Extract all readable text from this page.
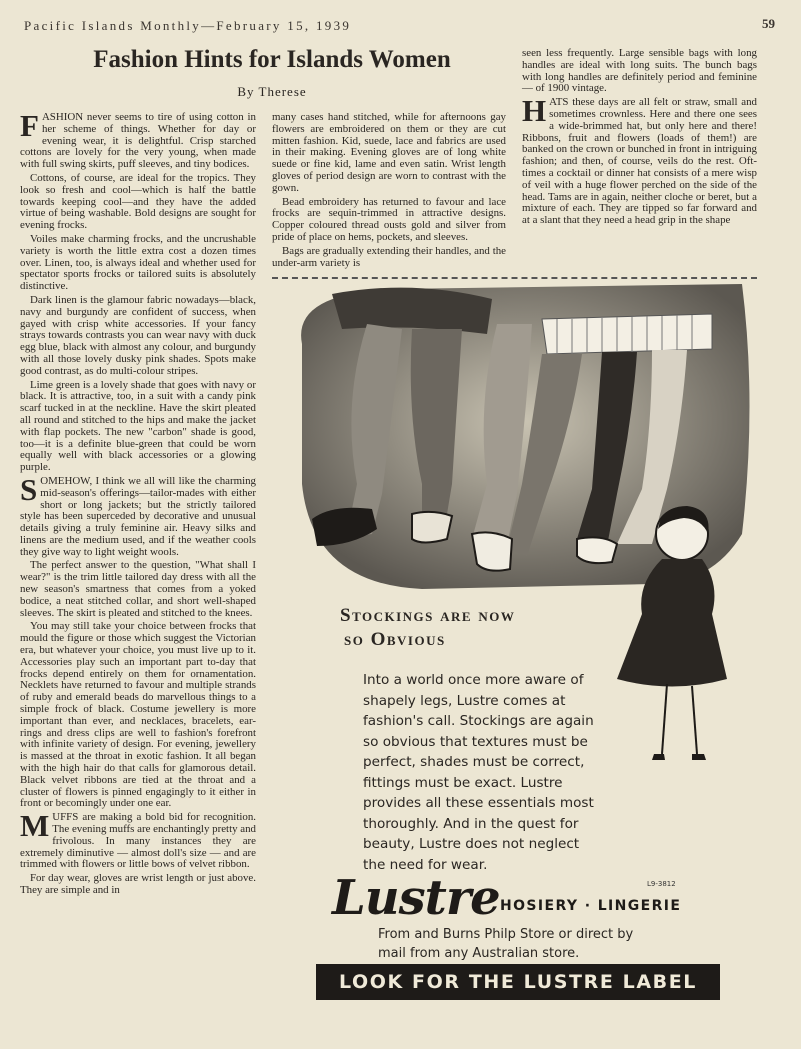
Pacific Islands Monthly—February 15, 1939	59
Fashion Hints for Islands Women
By Therese

FASHION never seems to tire of using cotton in her scheme of things. Whether for day or evening wear, it is delightful. Crisp starched cottons are lovely for the very young, when made with full swing skirts, puff sleeves, and tiny bodices.

Cottons, of course, are ideal for the tropics. They look so fresh and cool—which is half the battle towards keeping cool—and they have the added virtue of being washable. Bold designs are sought for evening frocks.

Voiles make charming frocks, and the uncrushable variety is worth the little extra cost a dozen times over. Linen, too, is always ideal and whether used for spectator sports frocks or tailored suits is absolutely distinctive.

Dark linen is the glamour fabric nowadays—black, navy and burgundy are confident of success, when gayed with crisp white accessories. If your fancy strays towards contrasts you can wear navy with duck egg blue, black with almost any colour, and burgundy with all those lovely dusky pink shades. Spots make good contrast, as do multi-colour stripes.

Lime green is a lovely shade that goes with navy or black. It is attractive, too, in a suit with a candy pink scarf tucked in at the neckline. Have the skirt pleated all round and stitched to the hips and make the jacket with flap pockets. The new "carbon" shade is good, too—it is a definite blue-green that could be worn equally well with black accessories or a glowing purple.

SOMEHOW, I think we all will like the charming mid-season's offerings—tailor-mades with either short or long jackets; but the strictly tailored style has been superceded by decorative and unusual details giving a truly feminine air. Heavy silks and linens are the medium used, and if the weather cools they give way to light weight wools.

The perfect answer to the question, "What shall I wear?" is the trim little tailored day dress with all the new season's smartness that comes from a yoked bodice, a neat stitched collar, and short well-shaped sleeves. The skirt is pleated and stitched to the knees.

You may still take your choice between frocks that mould the figure or those which suggest the Victorian era, but whatever your choice, you must live up to it. Accessories play such an important part to-day that frocks depend entirely on them for ornamentation. Necklets have returned to favour and multiple strands of ruby and emerald beads do marvellous things to a simple frock of black. Costume jewellery is more important than ever, and necklaces, bracelets, ear-rings and dress clips are well to fashion's forefront with infinite variety of design. For evening, jewellery is massed at the throat in exotic fashion. It all began with the high hair do that calls for glamorous detail. Black velvet ribbons are tied at the throat and a cluster of flowers is pinned engagingly to it either in front or becomingly under one ear.

MUFFS are making a bold bid for recognition. The evening muffs are enchantingly pretty and frivolous. In many instances they are extremely diminutive — almost doll's size — and are trimmed with flowers or little bows of velvet ribbon.

For day wear, gloves are wrist length or just above. They are simple and in

many cases hand stitched, while for afternoons gay flowers are embroidered on them or they are cut mitten fashion. Kid, suede, lace and fabrics are used in their making. Evening gloves are of long white suede or fine kid, lame and even satin. Wrist length gloves of period design are worn to contrast with the gown.

Bead embroidery has returned to favour and lace frocks are sequin-trimmed in attractive designs. Copper coloured thread ousts gold and silver from pride of place on hems, pockets, and sleeves.

Bags are gradually extending their handles, and the under-arm variety is

seen less frequently. Large sensible bags with long handles are ideal with long suits. The bunch bags with long handles are definitely period and feminine — of 1900 vintage.

HATS these days are all felt or straw, small and sometimes crownless. Here and there one sees a wide-brimmed hat, but only here and there! Ribbons, fruit and flowers (loads of them!) are banked on the crown or bunched in front in intriguing fashion; and then, of course, veils do the rest. Oft-times a cocktail or dinner hat consists of a mere wisp of veil with a huge flower perched on the side of the head. Tams are in again, neither cloche or beret, but a mixture of each. They are tipped so far forward and at a slant that they need a head grip in the shape

Stockings are now
so Obvious
Into a world once more aware of shapely legs, Lustre comes at fashion's call. Stockings are again so obvious that textures must be perfect, shades must be correct, fittings must be exact. Lustre provides all these essentials most thoroughly. And in the quest for beauty, Lustre does not neglect the need for wear.
L9-3812
Lustre HOSIERY · LINGERIE
From and Burns Philp Store or direct by mail from any Australian store.
LOOK FOR THE LUSTRE LABEL
